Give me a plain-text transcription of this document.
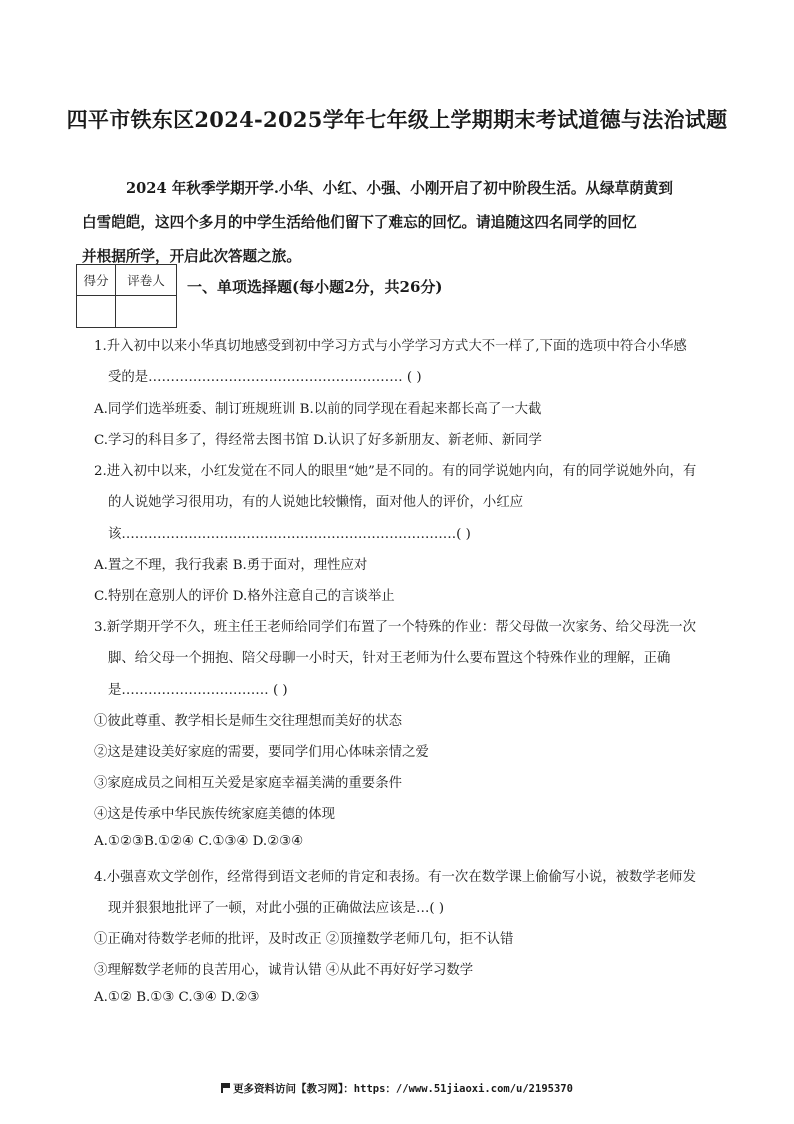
四平市铁东区2024-2025学年七年级上学期期末考试道德与法治试题

2024 年秋季学期开学.小华、小红、小强、小刚开启了初中阶段生活。从绿草荫黄到

白雪皑皑，这四个多月的中学生活给他们留下了难忘的回忆。请追随这四名同学的回忆

并根据所学，开启此次答题之旅。

得分	评卷人
	一、单项选择题(每小题2分，共26分)
1.升入初中以来小华真切地感受到初中学习方式与小学学习方式大不一样了,下面的选项中符合小华感
受的是………………………………………………… ( )
A.同学们选举班委、制订班规班训 B.以前的同学现在看起来都长高了一大截
C.学习的科目多了，得经常去图书馆 D.认识了好多新朋友、新老师、新同学
2.进入初中以来，小红发觉在不同人的眼里“她”是不同的。有的同学说她内向，有的同学说她外向，有
的人说她学习很用功，有的人说她比较懒惰，面对他人的评价，小红应
该…………………………………………………………………( )
A.置之不理，我行我素 B.勇于面对，理性应对
C.特别在意别人的评价 D.格外注意自己的言谈举止
3.新学期开学不久，班主任王老师给同学们布置了一个特殊的作业：帮父母做一次家务、给父母洗一次
脚、给父母一个拥抱、陪父母聊一小时天，针对王老师为什么要布置这个特殊作业的理解，正确
是…………………………… ( )
①彼此尊重、教学相长是师生交往理想而美好的状态
②这是建设美好家庭的需要，要同学们用心体味亲情之爱
③家庭成员之间相互关爱是家庭幸福美满的重要条件
④这是传承中华民族传统家庭美德的体现
A.①②③B.①②④ C.①③④ D.②③④
4.小强喜欢文学创作，经常得到语文老师的肯定和表扬。有一次在数学课上偷偷写小说，被数学老师发
现并狠狠地批评了一顿，对此小强的正确做法应该是…( )
①正确对待数学老师的批评，及时改正 ②顶撞数学老师几句，拒不认错
③理解数学老师的良苦用心，诚肯认错 ④从此不再好好学习数学
A.①② B.①③ C.③④ D.②③
更多资料访问【教习网】：https：//www.51jiaoxi.com/u/2195370
